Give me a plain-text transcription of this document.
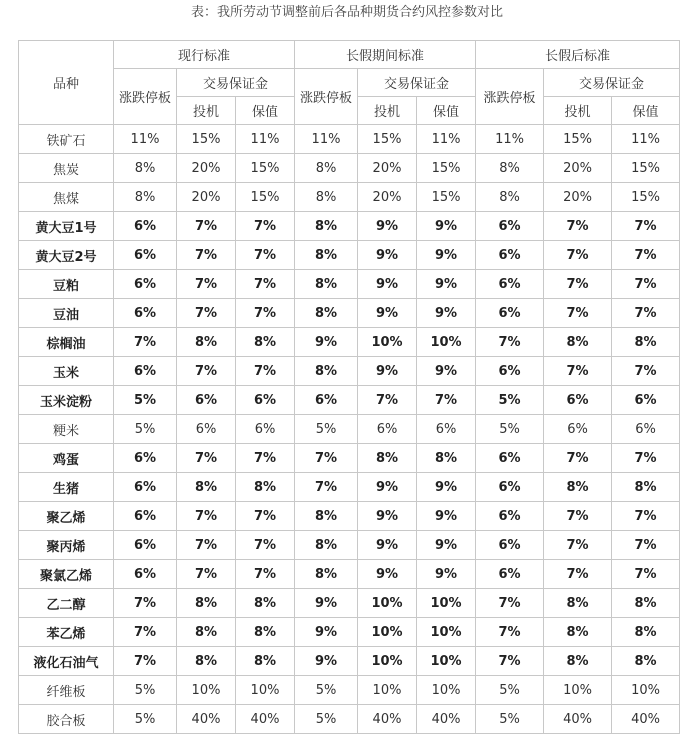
表：我所劳动节调整前后各品种期货合约风控参数对比
品种	现行标准			长假期间标准			长假后标准		
	涨跌停板	交易保证金		涨跌停板	交易保证金		涨跌停板	交易保证金	
		投机	保值		投机	保值		投机	保值
铁矿石	11%	15%	11%	11%	15%	11%	11%	15%	11%
焦炭	8%	20%	15%	8%	20%	15%	8%	20%	15%
焦煤	8%	20%	15%	8%	20%	15%	8%	20%	15%
黄大豆1号	6%	7%	7%	8%	9%	9%	6%	7%	7%
黄大豆2号	6%	7%	7%	8%	9%	9%	6%	7%	7%
豆粕	6%	7%	7%	8%	9%	9%	6%	7%	7%
豆油	6%	7%	7%	8%	9%	9%	6%	7%	7%
棕榈油	7%	8%	8%	9%	10%	10%	7%	8%	8%
玉米	6%	7%	7%	8%	9%	9%	6%	7%	7%
玉米淀粉	5%	6%	6%	6%	7%	7%	5%	6%	6%
粳米	5%	6%	6%	5%	6%	6%	5%	6%	6%
鸡蛋	6%	7%	7%	7%	8%	8%	6%	7%	7%
生猪	6%	8%	8%	7%	9%	9%	6%	8%	8%
聚乙烯	6%	7%	7%	8%	9%	9%	6%	7%	7%
聚丙烯	6%	7%	7%	8%	9%	9%	6%	7%	7%
聚氯乙烯	6%	7%	7%	8%	9%	9%	6%	7%	7%
乙二醇	7%	8%	8%	9%	10%	10%	7%	8%	8%
苯乙烯	7%	8%	8%	9%	10%	10%	7%	8%	8%
液化石油气	7%	8%	8%	9%	10%	10%	7%	8%	8%
纤维板	5%	10%	10%	5%	10%	10%	5%	10%	10%
胶合板	5%	40%	40%	5%	40%	40%	5%	40%	40%
